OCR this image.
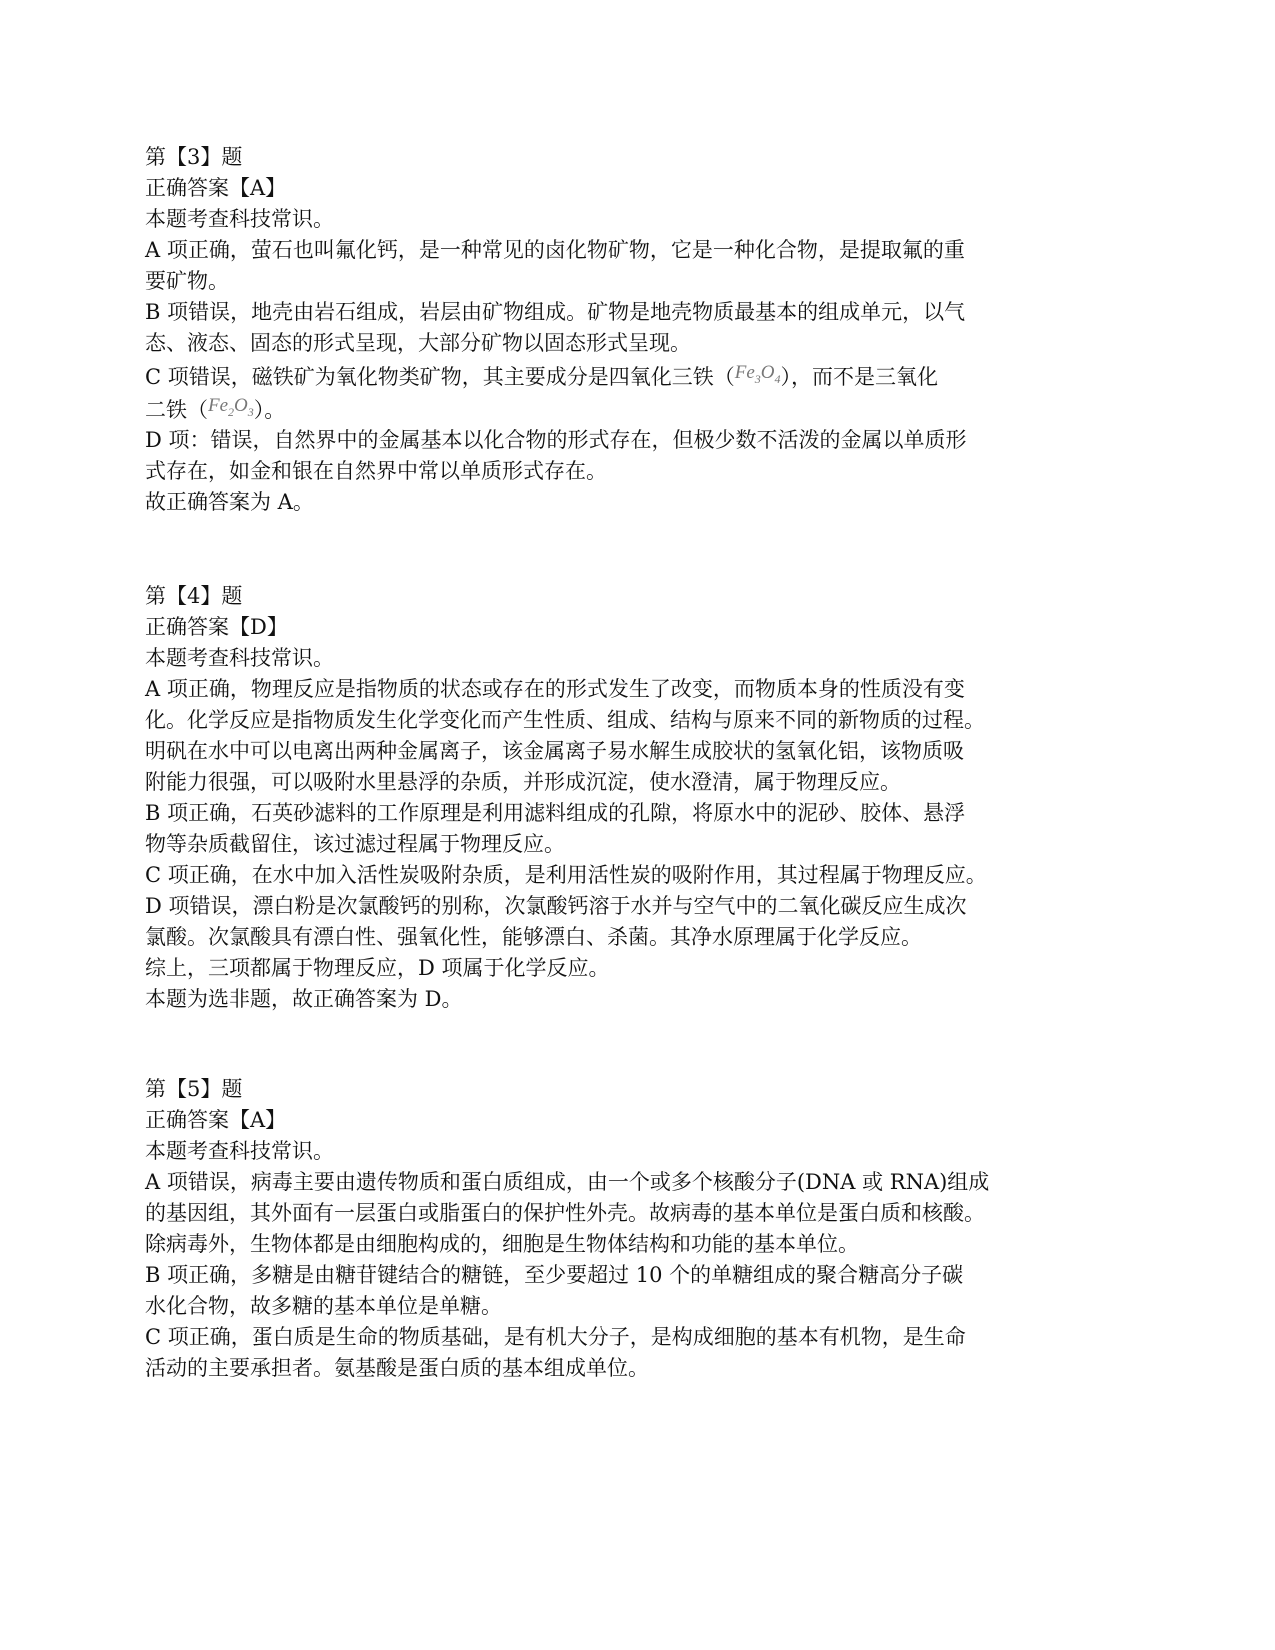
第【3】题
正确答案【A】
本题考查科技常识。
A 项正确，萤石也叫氟化钙，是一种常见的卤化物矿物，它是一种化合物，是提取氟的重
要矿物。
B 项错误，地壳由岩石组成，岩层由矿物组成。矿物是地壳物质最基本的组成单元，以气
态、液态、固态的形式呈现，大部分矿物以固态形式呈现。
C 项错误，磁铁矿为氧化物类矿物，其主要成分是四氧化三铁$(Fe_3O_4)$，而不是三氧化
二铁$(Fe_2O_3)$。
D 项：错误，自然界中的金属基本以化合物的形式存在，但极少数不活泼的金属以单质形
式存在，如金和银在自然界中常以单质形式存在。
故正确答案为 A。
第【4】题
正确答案【D】
本题考查科技常识。
A 项正确，物理反应是指物质的状态或存在的形式发生了改变，而物质本身的性质没有变
化。化学反应是指物质发生化学变化而产生性质、组成、结构与原来不同的新物质的过程。
明矾在水中可以电离出两种金属离子，该金属离子易水解生成胶状的氢氧化铝，该物质吸
附能力很强，可以吸附水里悬浮的杂质，并形成沉淀，使水澄清，属于物理反应。
B 项正确，石英砂滤料的工作原理是利用滤料组成的孔隙，将原水中的泥砂、胶体、悬浮
物等杂质截留住，该过滤过程属于物理反应。
C 项正确，在水中加入活性炭吸附杂质，是利用活性炭的吸附作用，其过程属于物理反应。
D 项错误，漂白粉是次氯酸钙的别称，次氯酸钙溶于水并与空气中的二氧化碳反应生成次
氯酸。次氯酸具有漂白性、强氧化性，能够漂白、杀菌。其净水原理属于化学反应。
综上，三项都属于物理反应，D 项属于化学反应。
本题为选非题，故正确答案为 D。
第【5】题
正确答案【A】
本题考查科技常识。
A 项错误，病毒主要由遗传物质和蛋白质组成，由一个或多个核酸分子(DNA 或 RNA)组成
的基因组，其外面有一层蛋白或脂蛋白的保护性外壳。故病毒的基本单位是蛋白质和核酸。
除病毒外，生物体都是由细胞构成的，细胞是生物体结构和功能的基本单位。
B 项正确，多糖是由糖苷键结合的糖链，至少要超过 10 个的单糖组成的聚合糖高分子碳
水化合物，故多糖的基本单位是单糖。
C 项正确，蛋白质是生命的物质基础，是有机大分子，是构成细胞的基本有机物，是生命
活动的主要承担者。氨基酸是蛋白质的基本组成单位。
